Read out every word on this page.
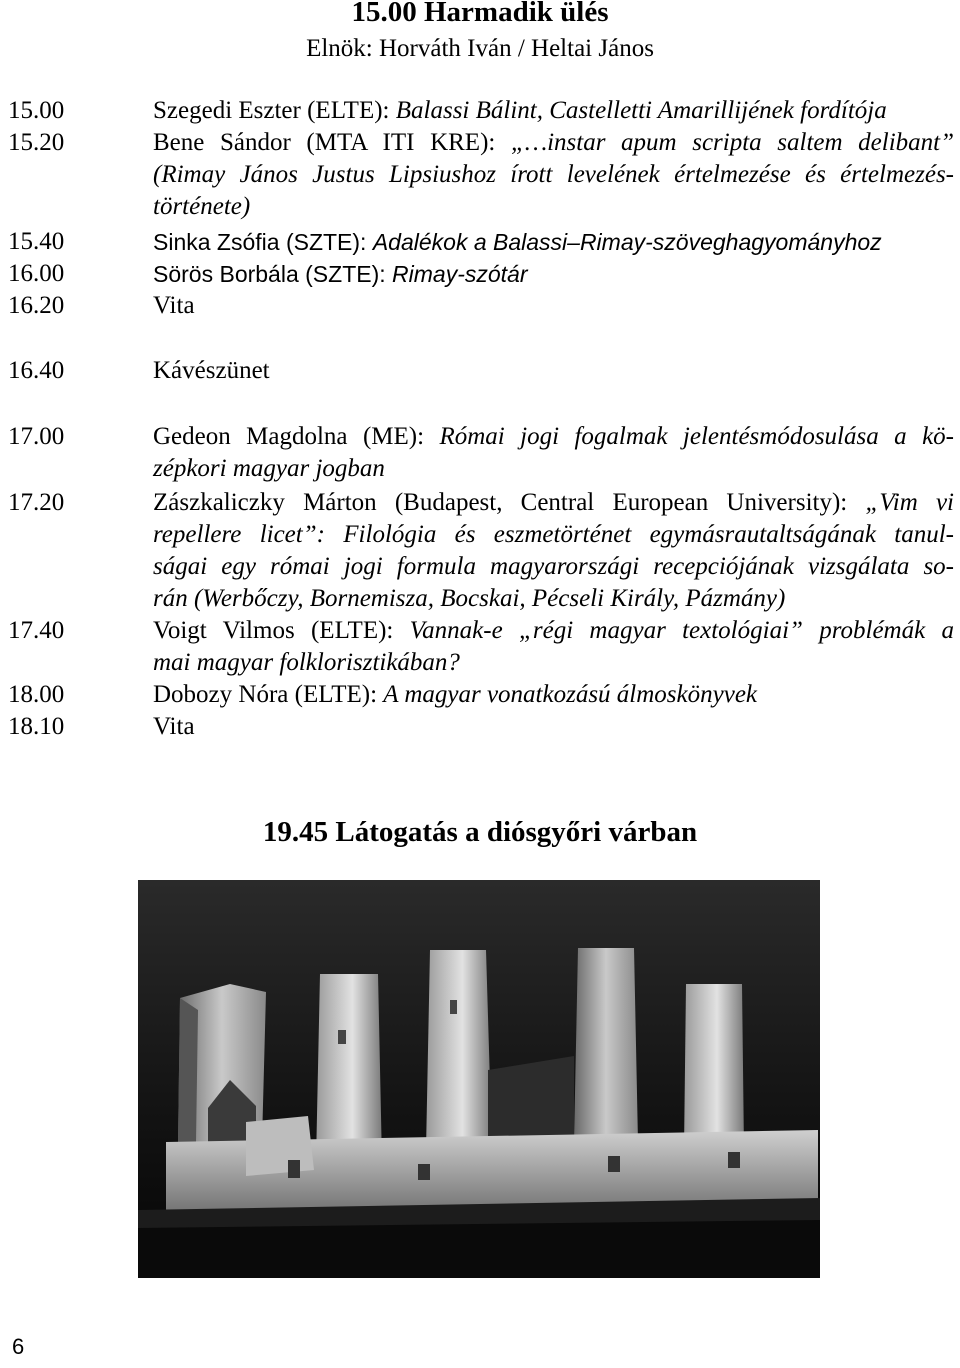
15.00 Harmadik ülés
Elnök: Horváth Iván / Heltai János
15.00	Szegedi Eszter (ELTE): Balassi Bálint, Castelletti Amarillijének fordítója
15.20	Bene Sándor (MTA ITI KRE): „…instar apum scripta saltem delibant”
(Rimay János Justus Lipsiushoz írott levelének értelmezése és értelmezés-
története)
15.40	Sinka Zsófia (SZTE): Adalékok a Balassi–Rimay-szöveghagyományhoz
16.00	Sörös Borbála (SZTE): Rimay-szótár
16.20	Vita
16.40	Kávészünet
17.00	Gedeon Magdolna (ME): Római jogi fogalmak jelentésmódosulása a kö-
zépkori magyar jogban
17.20	Zászkaliczky Márton (Budapest, Central European University): „Vim vi
repellere licet”: Filológia és eszmetörténet egymásrautaltságának tanul-
ságai egy római jogi formula magyarországi recepciójának vizsgálata so-
rán (Werbőczy, Bornemisza, Bocskai, Pécseli Király, Pázmány)
17.40	Voigt Vilmos (ELTE): Vannak-e „régi magyar textológiai” problémák a
mai magyar folklorisztikában?
18.00	Dobozy Nóra (ELTE): A magyar vonatkozású álmoskönyvek
18.10	Vita
19.45 Látogatás a diósgyőri várban
6
